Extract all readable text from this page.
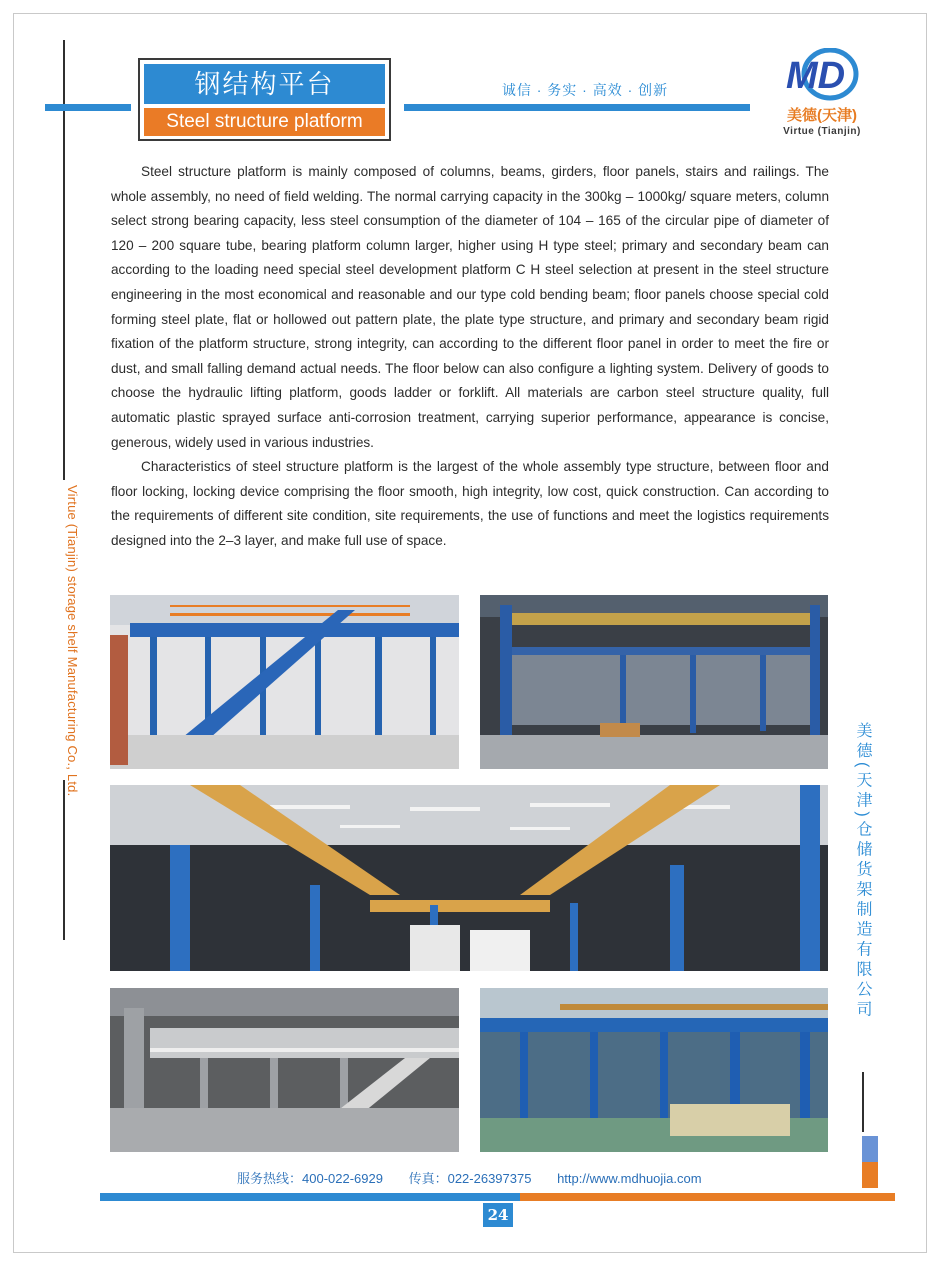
Virtue (Tianjin) storage shelf Manufacturing Co., Ltd.
美德(天津)仓储货架制造有限公司
钢结构平台
Steel structure platform
诚信 · 务实 · 高效 · 创新	MD
美德(天津)
Virtue (Tianjin)

Steel structure platform is mainly composed of columns, beams, girders, floor panels, stairs and railings. The whole assembly, no need of field welding. The normal carrying capacity in the 300kg – 1000kg/ square meters, column select strong bearing capacity, less steel consumption of the diameter of 104 – 165 of the circular pipe of diameter of 120 – 200 square tube, bearing platform column larger, higher using H type steel; primary and secondary beam can according to the loading need special steel development platform C H steel selection at present in the steel structure engineering in the most economical and reasonable and our type cold bending beam; floor panels choose special cold forming steel plate, flat or hollowed out pattern plate, the plate type structure, and primary and secondary beam rigid fixation of the platform structure, strong integrity, can according to the different floor panel in order to meet the fire or dust, and small falling demand actual needs. The floor below can also configure a lighting system. Delivery of goods to choose the hydraulic lifting platform, goods ladder or forklift. All materials are carbon steel structure quality, full automatic plastic sprayed surface anti-corrosion treatment, carrying superior performance, appearance is concise, generous, widely used in various industries.

Characteristics of steel structure platform is the largest of the whole assembly type structure, between floor and floor locking, locking device comprising the floor smooth, high integrity, low cost, quick construction. Can according to the requirements of different site condition, site requirements, the use of functions and meet the logistics requirements designed into the 2–3 layer, and make full use of space.

服务热线：400-022-6929 传真：022-26397375 http://www.mdhuojia.com
24
